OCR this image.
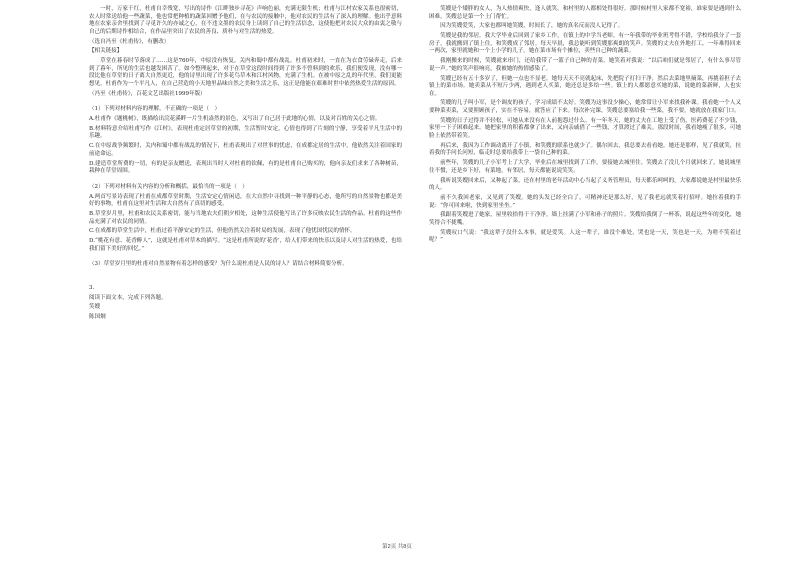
一时，万家千红，杜甫自幸残宽，写出的诗作《江畔独步寻花》声响色丽，充满无限生机；杜甫与江村农家关系也很密切，农人时常送给他一些蔬菜，他也常把种植的蔬菜回赠予他们，在与农民的接触中，他对农民的生活有了深入的理解。他出乎意料地在农家亲舍里找到了寻觅许久的亦诚之心，在不违文墨的农民身上读到了自己的生活信念，这使他把对农民大众的由衷之敬与自己的后期诗作相结合，在作品里突出了农民的善良、质朴与对生活的热爱。

（选自冯至《杜甫传》，有删改）

【相关链接】

草堂在暮春时节落成了……这是760年，中原没有恢复，关内和蜀中都有战乱。杜甫初来时，一直在为衣食劳碌奔走，后来到了暮年，所见的生活也越发困苦了。如今整理起来，对于在草堂这段时间得到了许多不曾料到的欢乐，我们便发现，没有哪一段比他在草堂的日子离大自然更近，他的诗里出现了许多花鸟草木和江村风物，充满了生机。在被中原之乱的年代里，我们更能想见，杜甫作为一个平凡人，在自己营造的小天地里品味自然之美和生活之乐，这正是他能在艰难时世中依然热爱生活的原因。

（冯至《杜甫传》，百花文艺出版社1999年版）

（1）下列对材料内容的理解，不正确的一项是（　）

A.杜甫作《题桃树》，既描绘出浣花溪畔一片生机盎然的景色，又写出了自己居于此地的心情，以及对百姓的关心之情。

B.材料特意介绍杜甫写作《江村》，表现杜甫定居草堂的初期，生活暂时安定，心情也得到了片刻的宁静，享受着平凡生活中的乐趣。

C.在中原战争频繁时，关内和蜀中都有战乱的情况下，杜甫表现出了对世事的忧虑，在成都定居的生活中，他依然关注着国家的前途命运。

D.建造草堂所费的一切，有的是亲友赠送，表现出当时人对杜甫的钦佩，有的是杜甫自己购买的，他向亲友们求来了各种树苗，栽种在草堂周围。

（2）下列对材料有关内容的分析和概括，最恰当的一项是（　）

A.两首写景诗表现了杜甫在成都草堂时期，生活安定心情闲适，在大自然中寻找到一种平静的心态，他所写的自然景物也都是美好的事物，杜甫在这里对生活和大自然有了真切的感受。

B.草堂岁月里，杜甫和农民关系密切，能与当地农夫们朝夕相处，这种生活使他写出了许多反映农民生活的作品。杜甫的这些作品充满了对农民的同情。

C.在成都的草堂生活中，杜甫过着平静安定的生活，但他仍然关注着时局的发展，表现了他忧国忧民的情怀。

D.“桃花有意、花香醉人”，这就是杜甫对草木的描写。“这是杜甫所说的‘花香’，给人们带来的快乐以及诗人对生活的热爱，也给我们留下美好的回忆。”

（3）草堂岁月里的杜甫对自然景物有着怎样的感受？为什么说杜甫是人民的诗人？请结合材料简要分析。

3.

阅读下面文本，完成下列各题。

笑嫂

陈国炯

笑嫂是个矮胖的女人，为人热情爽快，逢人就笑，和村里的人都相处得很好。那时候村里人家都不宽裕，谁家要是遇到什么困难，笑嫂总是第一个上门帮忙。

因为笑嫂爱笑，大家也都叫她笑嫂，时间长了，她的真名反而没人记得了。

笑嫂是我的邻居。我大学毕业后回到了家乡工作，在镇上的中学当老师。有一年我带的毕业班考得不错，学校给我分了一套房子，我就搬到了镇上住，和笑嫂成了邻居。每天早晨，我总能听到笑嫂那爽朗的笑声。笑嫂的丈夫在外地打工，一年难得回来一两次，家里就她和一个上小学的儿子。她在菜市场有个摊位，卖些自己种的蔬菜。

我刚搬来的时候，笑嫂就来串门，还给我带了一篮子自己种的青菜。她笑着对我说：“以后咱们就是邻居了，有什么事尽管说一声。”她的笑声很响亮，我被她的热情感染了。

笑嫂已经有五十多岁了，但她一点也不显老。她每天天不亮就起床，先把院子打扫干净，然后去菜地里摘菜，再挑着担子去镇上的菜市场。她卖菜从不短斤少两，遇到老人买菜，她还总是多给一些。镇上的人都愿意买她的菜，说她的菜新鲜，人也实在。

笑嫂的儿子叫小军，是个调皮的孩子，学习成绩不太好。笑嫂为这事没少操心，她常常让小军来找我补课。我看她一个人又要种菜卖菜，又要照顾孩子，实在不容易，就答应了下来。每次补完课，笑嫂总要塞给我一些菜，我不要，她就放在我家门口。

笑嫂的日子过得并不轻松，可她从来没有在人前抱怨过什么。有一年冬天，她的丈夫在工地上受了伤，医药费花了不少钱，家里一下子困难起来。她把家里的积蓄都拿了出来，又向亲戚借了一些钱，才算渡过了难关。那段时间，我看她瘦了很多，可她脸上依然带着笑。

再后来，我因为工作调动离开了小镇，和笑嫂的联系也就少了。偶尔回去，我总要去看看她。她还是那样，见了我就笑，拉着我的手问长问短，临走时总要给我带上一袋自己种的菜。

前些年，笑嫂的儿子小军考上了大学，毕业后在城里找到了工作，要接她去城里住。笑嫂去了没几个月就回来了，她说城里住不惯，还是乡下好，有菜地，有邻居，每天都能说说笑笑。

我听说笑嫂回来后，又种起了菜，还在村里的老年活动中心当起了义务管理员，每天都乐呵呵的，大家都说她是村里最快乐的人。

前不久我回老家，又见到了笑嫂。她的头发已经全白了，可精神还是那么好，见了我老远就笑着打招呼。她拉着我的手说：“你可回来啦，快到家里坐坐。”

我跟着笑嫂进了她家，屋里收拾得干干净净，墙上挂满了小军和孙子的照片。笑嫂给我倒了一杯茶，说起这些年的变化，她笑得合不拢嘴。

笑嫂叹口气说：“我这辈子没什么本事，就是爱笑。人这一辈子，谁没个难处，哭也是一天，笑也是一天，为啥不笑着过呢？”

第2页 共8页
